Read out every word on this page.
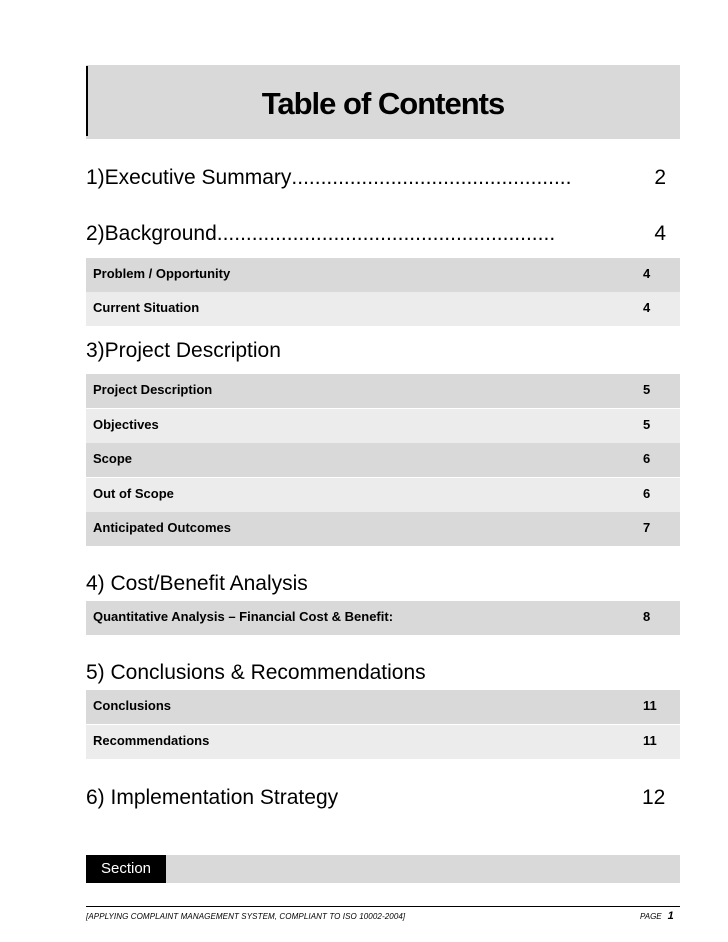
Table of Contents
1)Executive Summary ................................................	2
2)Background ..........................................................	4
Problem / Opportunity	4
Current Situation	4
3)Project Description
Project Description	5
Objectives	5
Scope	6
Out of Scope	6
Anticipated Outcomes	7
4) Cost/Benefit Analysis
Quantitative Analysis – Financial Cost & Benefit:	8
5) Conclusions & Recommendations
Conclusions	11
Recommendations	11
6) Implementation Strategy	12
Section
[APPLYING COMPLAINT MANAGEMENT SYSTEM, COMPLIANT TO ISO 10002-2004]	PAGE 1
